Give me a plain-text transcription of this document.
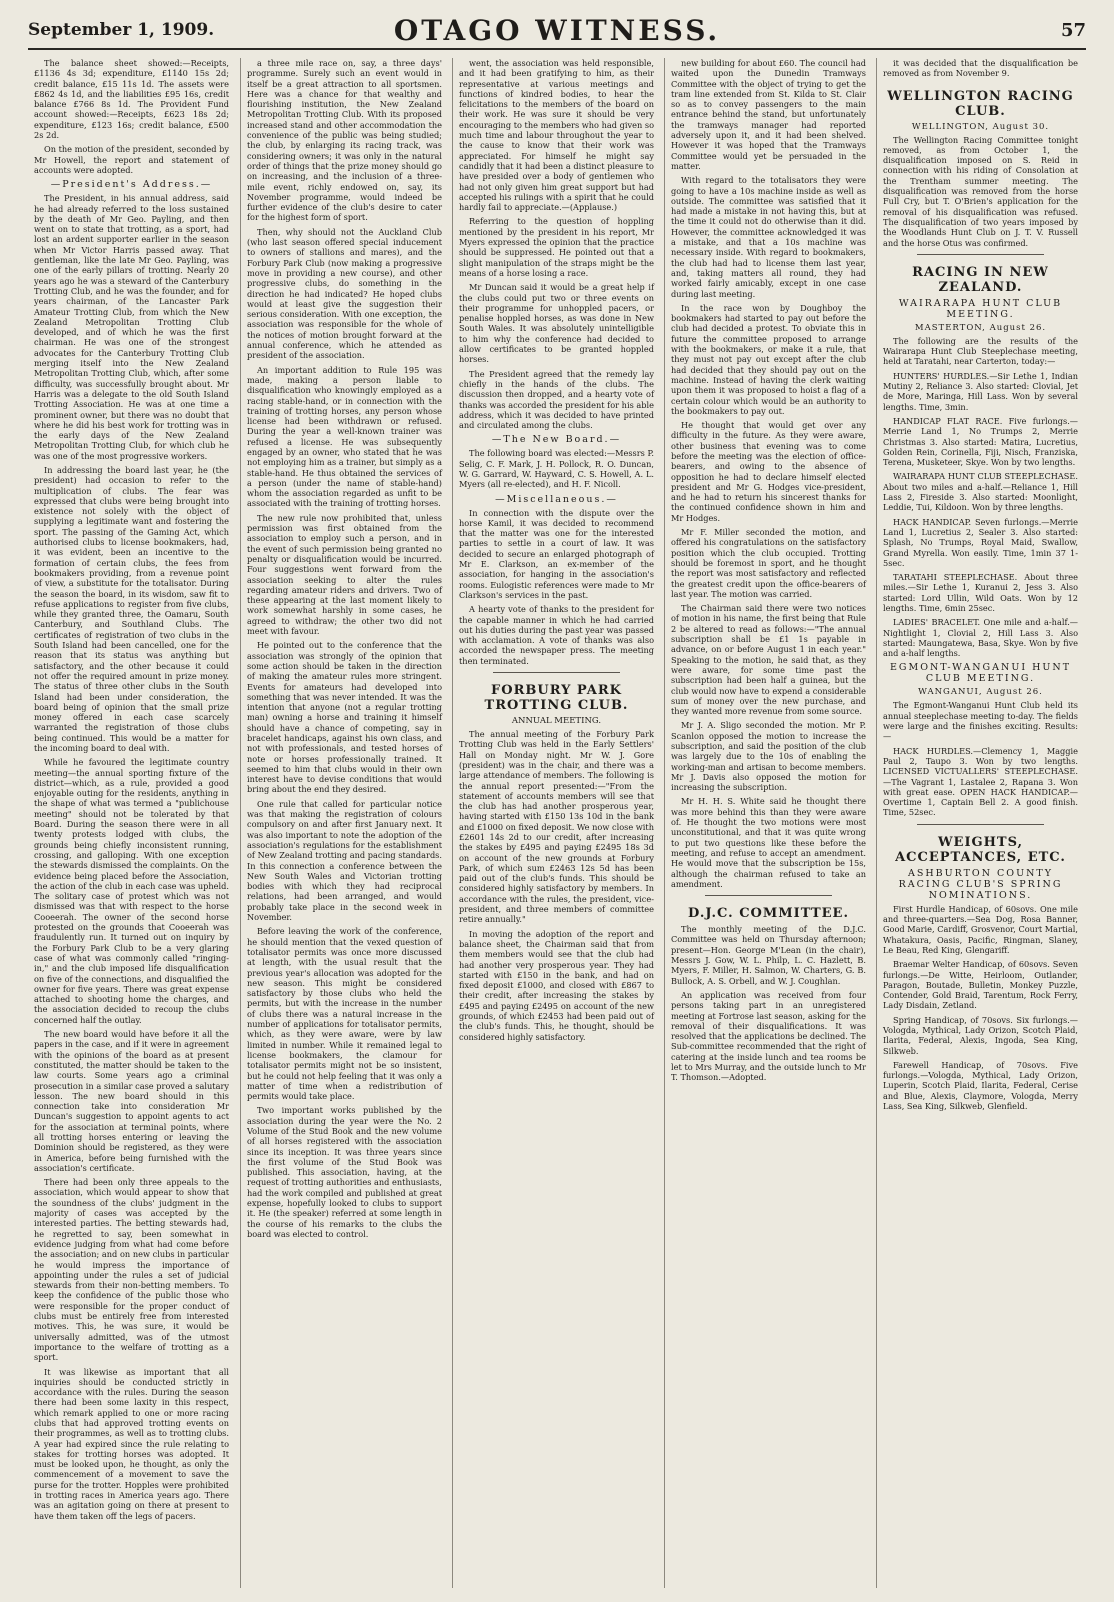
September 1, 1909.	OTAGO WITNESS.	57

The balance sheet showed:—Receipts, £1136 4s 3d; expenditure, £1140 15s 2d; credit balance, £15 11s 1d. The assets were £862 4s 1d, and the liabilities £95 16s, credit balance £766 8s 1d. The Provident Fund account showed:—Receipts, £623 18s 2d; expenditure, £123 16s; credit balance, £500 2s 2d.

On the motion of the president, seconded by Mr Howell, the report and statement of accounts were adopted.

—President's Address.—

The President, in his annual address, said he had already referred to the loss sustained by the death of Mr Geo. Payling, and then went on to state that trotting, as a sport, had lost an ardent supporter earlier in the season when Mr Victor Harris passed away. That gentleman, like the late Mr Geo. Payling, was one of the early pillars of trotting. Nearly 20 years ago he was a steward of the Canterbury Trotting Club, and he was the founder, and for years chairman, of the Lancaster Park Amateur Trotting Club, from which the New Zealand Metropolitan Trotting Club developed, and of which he was the first chairman. He was one of the strongest advocates for the Canterbury Trotting Club merging itself into the New Zealand Metropolitan Trotting Club, which, after some difficulty, was successfully brought about. Mr Harris was a delegate to the old South Island Trotting Association. He was at one time a prominent owner, but there was no doubt that where he did his best work for trotting was in the early days of the New Zealand Metropolitan Trotting Club, for which club he was one of the most progressive workers.

In addressing the board last year, he (the president) had occasion to refer to the multiplication of clubs. The fear was expressed that clubs were being brought into existence not solely with the object of supplying a legitimate want and fostering the sport. The passing of the Gaming Act, which authorised clubs to license bookmakers, had, it was evident, been an incentive to the formation of certain clubs, the fees from bookmakers providing, from a revenue point of view, a substitute for the totalisator. During the season the board, in its wisdom, saw fit to refuse applications to register from five clubs, while they granted three, the Oamaru, South Canterbury, and Southland Clubs. The certificates of registration of two clubs in the South Island had been cancelled, one for the reason that its status was anything but satisfactory, and the other because it could not offer the required amount in prize money. The status of three other clubs in the South Island had been under consideration, the board being of opinion that the small prize money offered in each case scarcely warranted the registration of those clubs being continued. This would be a matter for the incoming board to deal with.

While he favoured the legitimate country meeting—the annual sporting fixture of the district—which, as a rule, provided a good enjoyable outing for the residents, anything in the shape of what was termed a "publichouse meeting" should not be tolerated by that Board. During the season there were in all twenty protests lodged with clubs, the grounds being chiefly inconsistent running, crossing, and galloping. With one exception the stewards dismissed the complaints. On the evidence being placed before the Association, the action of the club in each case was upheld. The solitary case of protest which was not dismissed was that with respect to the horse Cooeerah. The owner of the second horse protested on the grounds that Cooeerah was fraudulently run. It turned out on inquiry by the Forbury Park Club to be a very glaring case of what was commonly called "ringing-in," and the club imposed life disqualification on five of the connections, and disqualified the owner for five years. There was great expense attached to shooting home the charges, and the association decided to recoup the clubs concerned half the outlay.

The new board would have before it all the papers in the case, and if it were in agreement with the opinions of the board as at present constituted, the matter should be taken to the law courts. Some years ago a criminal prosecution in a similar case proved a salutary lesson. The new board should in this connection take into consideration Mr Duncan's suggestion to appoint agents to act for the association at terminal points, where all trotting horses entering or leaving the Dominion should be registered, as they were in America, before being furnished with the association's certificate.

There had been only three appeals to the association, which would appear to show that the soundness of the clubs' judgment in the majority of cases was accepted by the interested parties. The betting stewards had, he regretted to say, been somewhat in evidence judging from what had come before the association; and on new clubs in particular he would impress the importance of appointing under the rules a set of judicial stewards from their non-betting members. To keep the confidence of the public those who were responsible for the proper conduct of clubs must be entirely free from interested motives. This, he was sure, it would be universally admitted, was of the utmost importance to the welfare of trotting as a sport.

It was likewise as important that all inquiries should be conducted strictly in accordance with the rules. During the season there had been some laxity in this respect, which remark applied to one or more racing clubs that had approved trotting events on their programmes, as well as to trotting clubs. A year had expired since the rule relating to stakes for trotting horses was adopted. It must be looked upon, he thought, as only the commencement of a movement to save the purse for the trotter. Hopples were prohibited in trotting races in America years ago. There was an agitation going on there at present to have them taken off the legs of pacers.

a three mile race on, say, a three days' programme. Surely such an event would in itself be a great attraction to all sportsmen. Here was a chance for that wealthy and flourishing institution, the New Zealand Metropolitan Trotting Club. With its proposed increased stand and other accommodation the convenience of the public was being studied; the club, by enlarging its racing track, was considering owners; it was only in the natural order of things that the prize money should go on increasing, and the inclusion of a three-mile event, richly endowed on, say, its November programme, would indeed be further evidence of the club's desire to cater for the highest form of sport.

Then, why should not the Auckland Club (who last season offered special inducement to owners of stallions and mares), and the Forbury Park Club (now making a progressive move in providing a new course), and other progressive clubs, do something in the direction he had indicated? He hoped clubs would at least give the suggestion their serious consideration. With one exception, the association was responsible for the whole of the notices of motion brought forward at the annual conference, which he attended as president of the association.

An important addition to Rule 195 was made, making a person liable to disqualification who knowingly employed as a racing stable-hand, or in connection with the training of trotting horses, any person whose license had been withdrawn or refused. During the year a well-known trainer was refused a license. He was subsequently engaged by an owner, who stated that he was not employing him as a trainer, but simply as a stable-hand. He thus obtained the services of a person (under the name of stable-hand) whom the association regarded as unfit to be associated with the training of trotting horses.

The new rule now prohibited that, unless permission was first obtained from the association to employ such a person, and in the event of such permission being granted no penalty or disqualification would be incurred. Four suggestions went forward from the association seeking to alter the rules regarding amateur riders and drivers. Two of these appearing at the last moment likely to work somewhat harshly in some cases, he agreed to withdraw; the other two did not meet with favour.

He pointed out to the conference that the association was strongly of the opinion that some action should be taken in the direction of making the amateur rules more stringent. Events for amateurs had developed into something that was never intended. It was the intention that anyone (not a regular trotting man) owning a horse and training it himself should have a chance of competing, say in bracelet handicaps, against his own class, and not with professionals, and tested horses of note or horses professionally trained. It seemed to him that clubs would in their own interest have to devise conditions that would bring about the end they desired.

One rule that called for particular notice was that making the registration of colours compulsory on and after first January next. It was also important to note the adoption of the association's regulations for the establishment of New Zealand trotting and pacing standards. In this connection a conference between the New South Wales and Victorian trotting bodies with which they had reciprocal relations, had been arranged, and would probably take place in the second week in November.

Before leaving the work of the conference, he should mention that the vexed question of totalisator permits was once more discussed at length, with the usual result that the previous year's allocation was adopted for the new season. This might be considered satisfactory by those clubs who held the permits, but with the increase in the number of clubs there was a natural increase in the number of applications for totalisator permits, which, as they were aware, were by law limited in number. While it remained legal to license bookmakers, the clamour for totalisator permits might not be so insistent, but he could not help feeling that it was only a matter of time when a redistribution of permits would take place.

Two important works published by the association during the year were the No. 2 Volume of the Stud Book and the new volume of all horses registered with the association since its inception. It was three years since the first volume of the Stud Book was published. This association, having, at the request of trotting authorities and enthusiasts, had the work compiled and published at great expense, hopefully looked to clubs to support it. He (the speaker) referred at some length in the course of his remarks to the clubs the board was elected to control.

went, the association was held responsible, and it had been gratifying to him, as their representative at various meetings and functions of kindred bodies, to hear the felicitations to the members of the board on their work. He was sure it should be very encouraging to the members who had given so much time and labour throughout the year to the cause to know that their work was appreciated. For himself he might say candidly that it had been a distinct pleasure to have presided over a body of gentlemen who had not only given him great support but had accepted his rulings with a spirit that he could hardly fail to appreciate.—(Applause.)

Referring to the question of hoppling mentioned by the president in his report, Mr Myers expressed the opinion that the practice should be suppressed. He pointed out that a slight manipulation of the straps might be the means of a horse losing a race.

Mr Duncan said it would be a great help if the clubs could put two or three events on their programme for unhoppled pacers, or penalise hoppled horses, as was done in New South Wales. It was absolutely unintelligible to him why the conference had decided to allow certificates to be granted hoppled horses.

The President agreed that the remedy lay chiefly in the hands of the clubs. The discussion then dropped, and a hearty vote of thanks was accorded the president for his able address, which it was decided to have printed and circulated among the clubs.

—The New Board.—

The following board was elected:—Messrs P. Selig, C. F. Mark, J. H. Pollock, R. O. Duncan, W. G. Garrard, W. Hayward, C. S. Howell, A. L. Myers (all re-elected), and H. F. Nicoll.

—Miscellaneous.—

In connection with the dispute over the horse Kamil, it was decided to recommend that the matter was one for the interested parties to settle in a court of law. It was decided to secure an enlarged photograph of Mr E. Clarkson, an ex-member of the association, for hanging in the association's rooms. Eulogistic references were made to Mr Clarkson's services in the past.

A hearty vote of thanks to the president for the capable manner in which he had carried out his duties during the past year was passed with acclamation. A vote of thanks was also accorded the newspaper press. The meeting then terminated.

FORBURY PARK TROTTING CLUB.
ANNUAL MEETING.

The annual meeting of the Forbury Park Trotting Club was held in the Early Settlers' Hall on Monday night. Mr W. J. Gore (president) was in the chair, and there was a large attendance of members. The following is the annual report presented:—"From the statement of accounts members will see that the club has had another prosperous year, having started with £150 13s 10d in the bank and £1000 on fixed deposit. We now close with £2601 14s 2d to our credit, after increasing the stakes by £495 and paying £2495 18s 3d on account of the new grounds at Forbury Park, of which sum £2463 12s 5d has been paid out of the club's funds. This should be considered highly satisfactory by members. In accordance with the rules, the president, vice-president, and three members of committee retire annually."

In moving the adoption of the report and balance sheet, the Chairman said that from them members would see that the club had had another very prosperous year. They had started with £150 in the bank, and had on fixed deposit £1000, and closed with £867 to their credit, after increasing the stakes by £495 and paying £2495 on account of the new grounds, of which £2453 had been paid out of the club's funds. This, he thought, should be considered highly satisfactory.

new building for about £60. The council had waited upon the Dunedin Tramways Committee with the object of trying to get the tram line extended from St. Kilda to St. Clair so as to convey passengers to the main entrance behind the stand, but unfortunately the tramways manager had reported adversely upon it, and it had been shelved. However it was hoped that the Tramways Committee would yet be persuaded in the matter.

With regard to the totalisators they were going to have a 10s machine inside as well as outside. The committee was satisfied that it had made a mistake in not having this, but at the time it could not do otherwise than it did. However, the committee acknowledged it was a mistake, and that a 10s machine was necessary inside. With regard to bookmakers, the club had had to license them last year, and, taking matters all round, they had worked fairly amicably, except in one case during last meeting.

In the race won by Doughboy the bookmakers had started to pay out before the club had decided a protest. To obviate this in future the committee proposed to arrange with the bookmakers, or make it a rule, that they must not pay out except after the club had decided that they should pay out on the machine. Instead of having the clerk waiting upon them it was proposed to hoist a flag of a certain colour which would be an authority to the bookmakers to pay out.

He thought that would get over any difficulty in the future. As they were aware, other business that evening was to come before the meeting was the election of office-bearers, and owing to the absence of opposition he had to declare himself elected president and Mr G. Hodges vice-president, and he had to return his sincerest thanks for the continued confidence shown in him and Mr Hodges.

Mr F. Miller seconded the motion, and offered his congratulations on the satisfactory position which the club occupied. Trotting should be foremost in sport, and he thought the report was most satisfactory and reflected the greatest credit upon the office-bearers of last year. The motion was carried.

The Chairman said there were two notices of motion in his name, the first being that Rule 2 be altered to read as follows:—"The annual subscription shall be £1 1s payable in advance, on or before August 1 in each year." Speaking to the motion, he said that, as they were aware, for some time past the subscription had been half a guinea, but the club would now have to expend a considerable sum of money over the new purchase, and they wanted more revenue from some source.

Mr J. A. Sligo seconded the motion. Mr P. Scanlon opposed the motion to increase the subscription, and said the position of the club was largely due to the 10s of enabling the working-man and artisan to become members. Mr J. Davis also opposed the motion for increasing the subscription.

Mr H. H. S. White said he thought there was more behind this than they were aware of. He thought the two motions were most unconstitutional, and that it was quite wrong to put two questions like these before the meeting, and refuse to accept an amendment. He would move that the subscription be 15s, although the chairman refused to take an amendment.

D.J.C. COMMITTEE.

The monthly meeting of the D.J.C. Committee was held on Thursday afternoon; present—Hon. George M'Lean (in the chair), Messrs J. Gow, W. L. Philp, L. C. Hazlett, B. Myers, F. Miller, H. Salmon, W. Charters, G. B. Bullock, A. S. Orbell, and W. J. Coughlan.

An application was received from four persons taking part in an unregistered meeting at Fortrose last season, asking for the removal of their disqualifications. It was resolved that the applications be declined. The Sub-committee recommended that the right of catering at the inside lunch and tea rooms be let to Mrs Murray, and the outside lunch to Mr T. Thomson.—Adopted.

it was decided that the disqualification be removed as from November 9.

WELLINGTON RACING CLUB.
WELLINGTON, August 30.

The Wellington Racing Committee tonight removed, as from October 1, the disqualification imposed on S. Reid in connection with his riding of Consolation at the Trentham summer meeting. The disqualification was removed from the horse Full Cry, but T. O'Brien's application for the removal of his disqualification was refused. The disqualification of two years imposed by the Woodlands Hunt Club on J. T. V. Russell and the horse Otus was confirmed.

RACING IN NEW ZEALAND.
WAIRARAPA HUNT CLUB MEETING.
MASTERTON, August 26.

The following are the results of the Wairarapa Hunt Club Steeplechase meeting, held at Taratahi, near Carterton, today:—

HUNTERS' HURDLES.—Sir Lethe 1, Indian Mutiny 2, Reliance 3. Also started: Clovial, Jet de More, Maringa, Hill Lass. Won by several lengths. Time, 3min.

HANDICAP FLAT RACE. Five furlongs.—Merrie Land 1, No Trumps 2, Merrie Christmas 3. Also started: Matira, Lucretius, Golden Rein, Corinella, Fiji, Nisch, Franziska, Terena, Musketeer, Skye. Won by two lengths.

WAIRARAPA HUNT CLUB STEEPLECHASE. About two miles and a-half.—Reliance 1, Hill Lass 2, Fireside 3. Also started: Moonlight, Leddie, Tui, Kildoon. Won by three lengths.

HACK HANDICAP. Seven furlongs.—Merrie Land 1, Lucretius 2, Sealer 3. Also started: Splash, No Trumps, Royal Maid, Swallow, Grand Myrella. Won easily. Time, 1min 37 1-5sec.

TARATAHI STEEPLECHASE. About three miles.—Sir Lethe 1, Kuranui 2, Jess 3. Also started: Lord Ullin, Wild Oats. Won by 12 lengths. Time, 6min 25sec.

LADIES' BRACELET. One mile and a-half.—Nightlight 1, Clovial 2, Hill Lass 3. Also started: Maungatewa, Basa, Skye. Won by five and a-half lengths.

EGMONT-WANGANUI HUNT CLUB MEETING.
WANGANUI, August 26.

The Egmont-Wanganui Hunt Club held its annual steeplechase meeting to-day. The fields were large and the finishes exciting. Results:—

HACK HURDLES.—Clemency 1, Maggie Paul 2, Taupo 3. Won by two lengths. LICENSED VICTUALLERS' STEEPLECHASE.—The Vagrant 1, Lastalee 2, Rapana 3. Won with great ease. OPEN HACK HANDICAP.—Overtime 1, Captain Bell 2. A good finish. Time, 52sec.

WEIGHTS, ACCEPTANCES, ETC.
ASHBURTON COUNTY RACING CLUB'S SPRING NOMINATIONS.

First Hurdle Handicap, of 60sovs. One mile and three-quarters.—Sea Dog, Rosa Banner, Good Marie, Cardiff, Grosvenor, Court Martial, Whatakura, Oasis, Pacific, Ringman, Slaney, Le Beau, Red King, Glengariff.

Braemar Welter Handicap, of 60sovs. Seven furlongs.—De Witte, Heirloom, Outlander, Paragon, Boutade, Bulletin, Monkey Puzzle, Contender, Gold Braid, Tarentum, Rock Ferry, Lady Disdain, Zetland.

Spring Handicap, of 70sovs. Six furlongs.—Vologda, Mythical, Lady Orizon, Scotch Plaid, Ilarita, Federal, Alexis, Ingoda, Sea King, Silkweb.

Farewell Handicap, of 70sovs. Five furlongs.—Vologda, Mythical, Lady Orizon, Luperin, Scotch Plaid, Ilarita, Federal, Cerise and Blue, Alexis, Claymore, Vologda, Merry Lass, Sea King, Silkweb, Glenfield.
